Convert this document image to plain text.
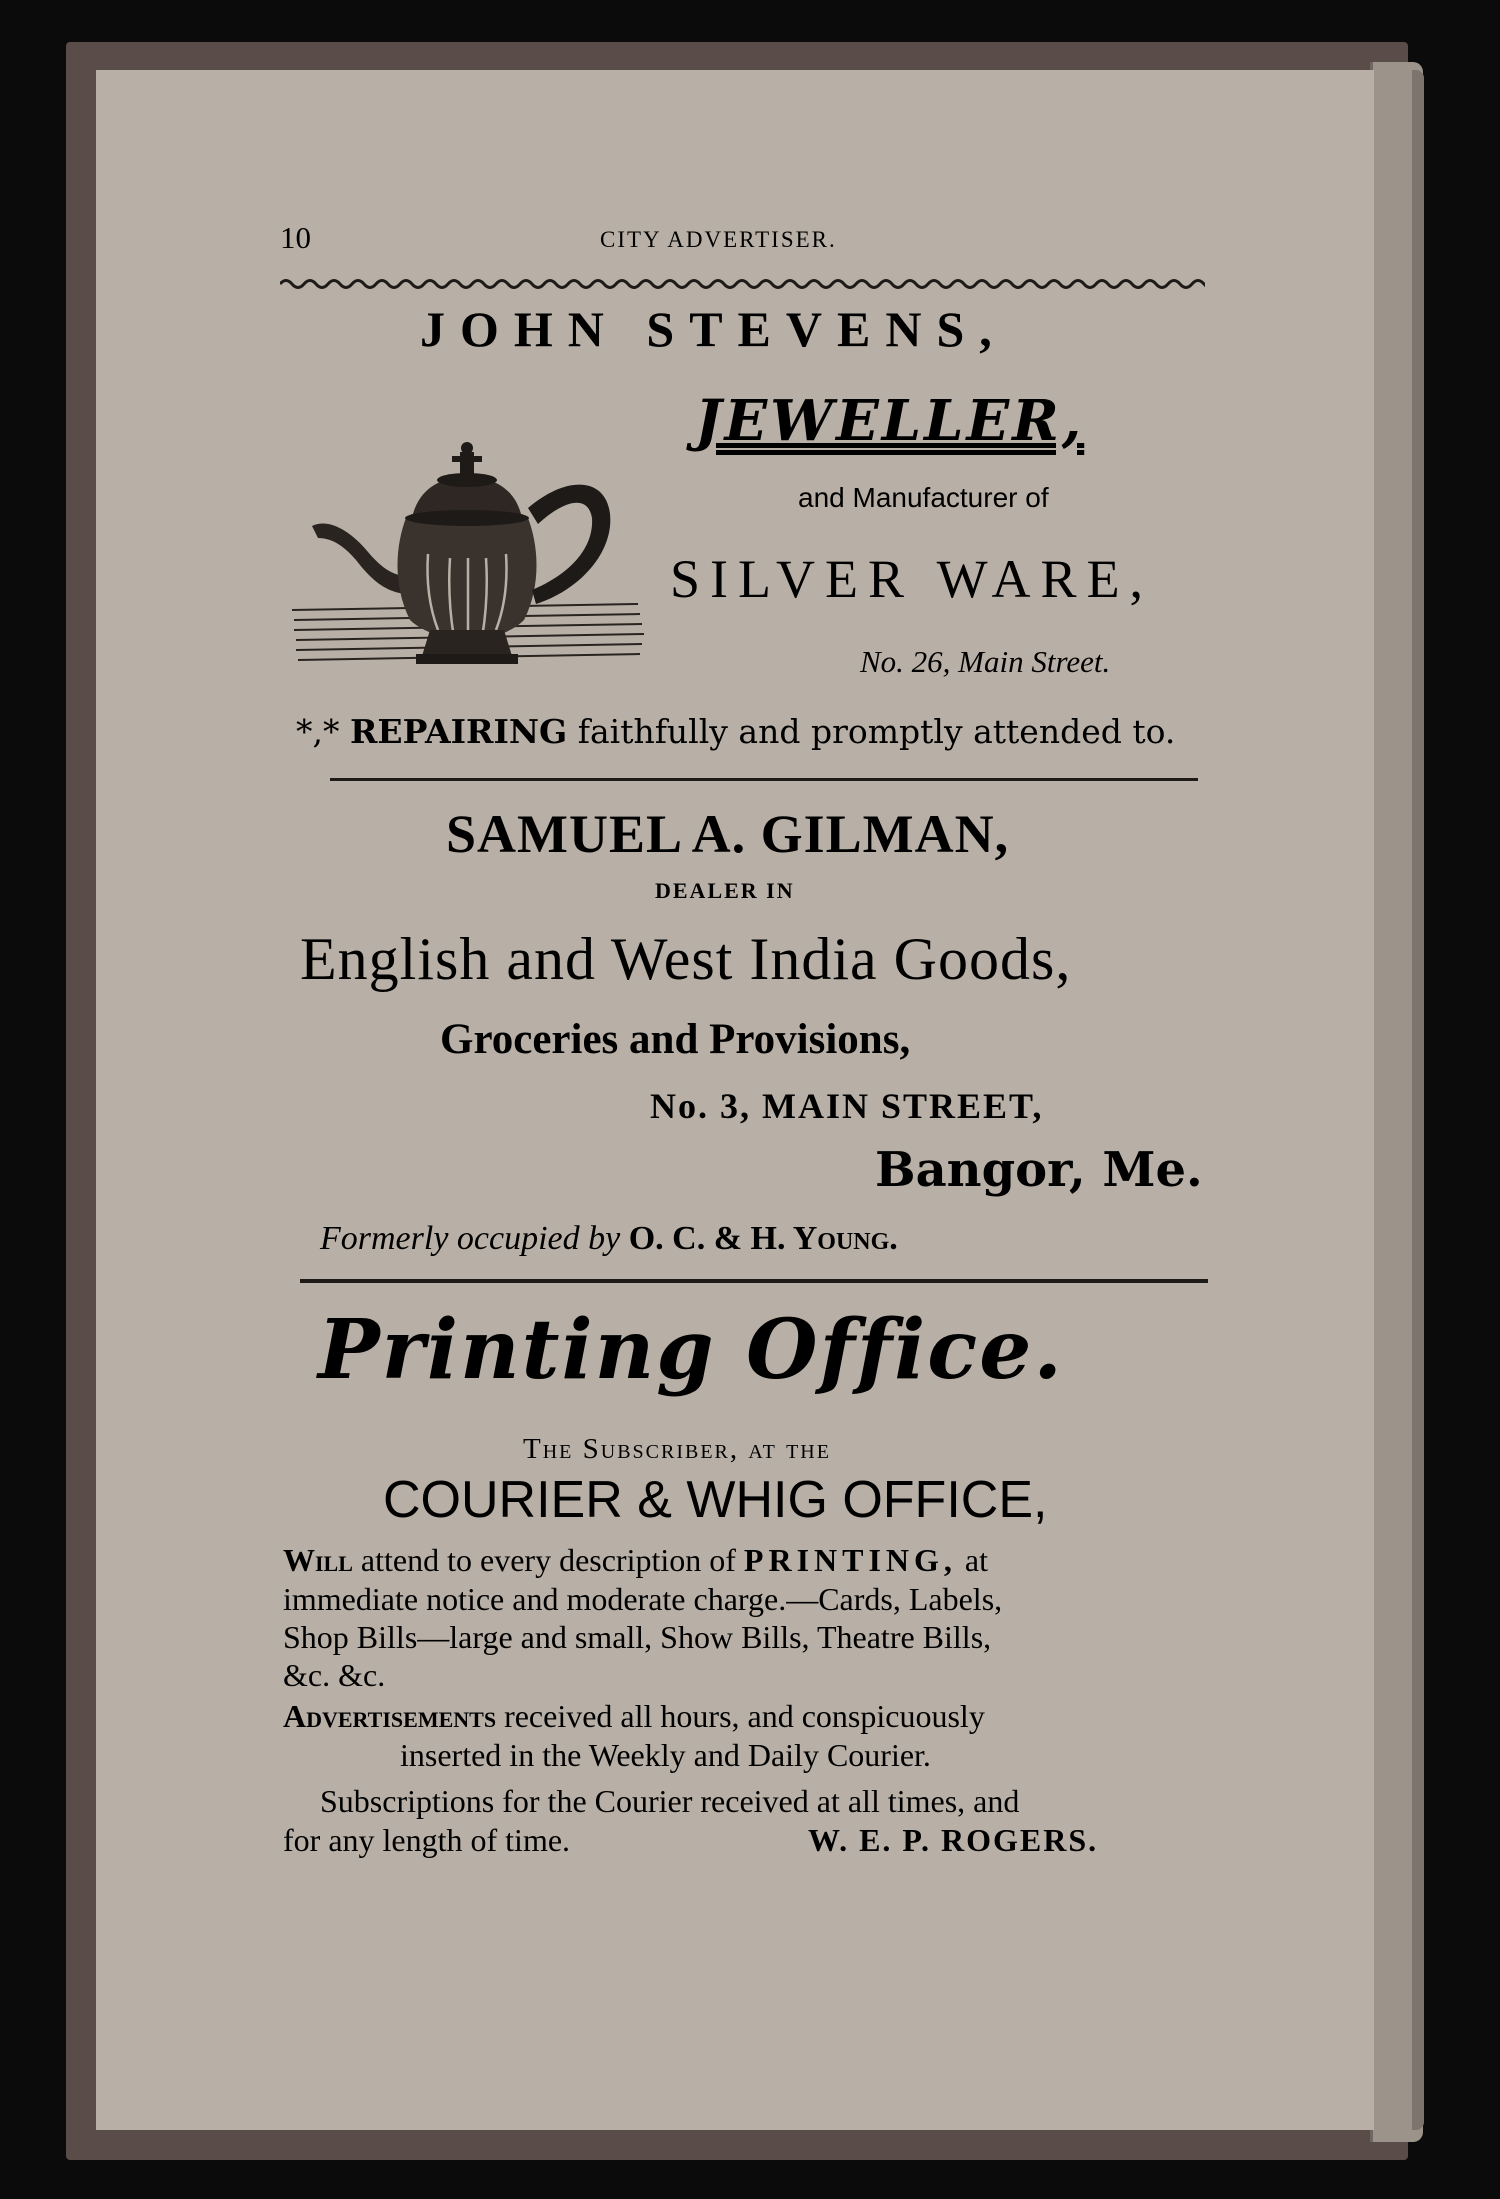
10	CITY ADVERTISER.

JOHN STEVENS,

JEWELLER,

and Manufacturer of

SILVER WARE,

No. 26, Main Street.

*,* REPAIRING faithfully and promptly attended to.

SAMUEL A. GILMAN,

DEALER IN

English and West India Goods,

Groceries and Provisions,

No. 3, MAIN STREET,

Bangor, Me.

Formerly occupied by O. C. & H. Young.

Printing Office.

The Subscriber, at the

COURIER & WHIG OFFICE,

Will attend to every description of PRINTING, at

immediate notice and moderate charge.—Cards, Labels,

Shop Bills—large and small, Show Bills, Theatre Bills,

&c. &c.

Advertisements received all hours, and conspicuously

inserted in the Weekly and Daily Courier.

Subscriptions for the Courier received at all times, and

for any length of time.	W. E. P. ROGERS.
